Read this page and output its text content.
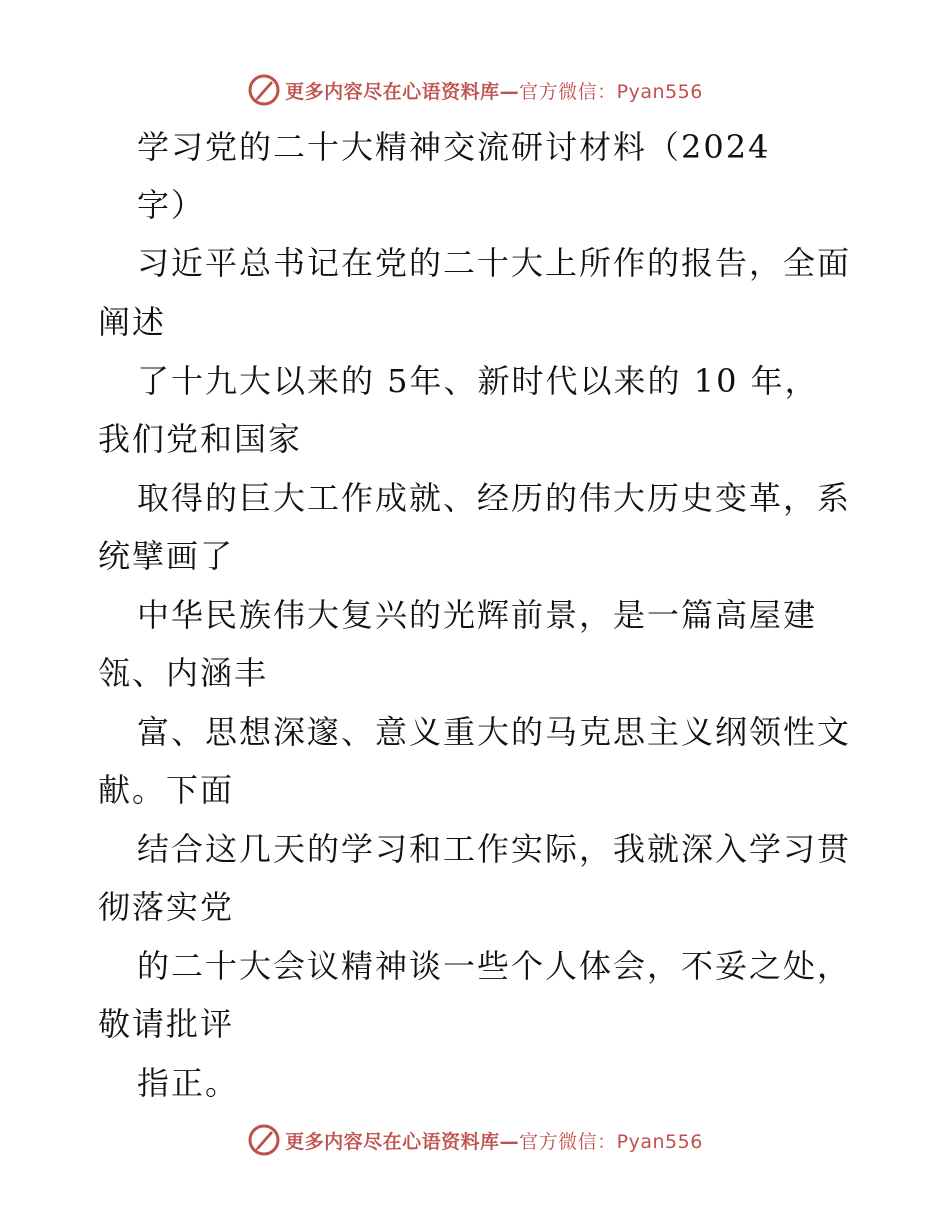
更多内容尽在心语资料库— 官方微信：Pyan556
学习党的二十大精神交流研讨材料（2024
字）
习近平总书记在党的二十大上所作的报告，全面
阐述
了十九大以来的 5年、新时代以来的 10 年，
我们党和国家
取得的巨大工作成就、经历的伟大历史变革，系
统擘画了
中华民族伟大复兴的光辉前景，是一篇高屋建
瓴、内涵丰
富、思想深邃、意义重大的马克思主义纲领性文
献。下面
结合这几天的学习和工作实际，我就深入学习贯
彻落实党
的二十大会议精神谈一些个人体会，不妥之处，
敬请批评
指正。
更多内容尽在心语资料库— 官方微信：Pyan556
